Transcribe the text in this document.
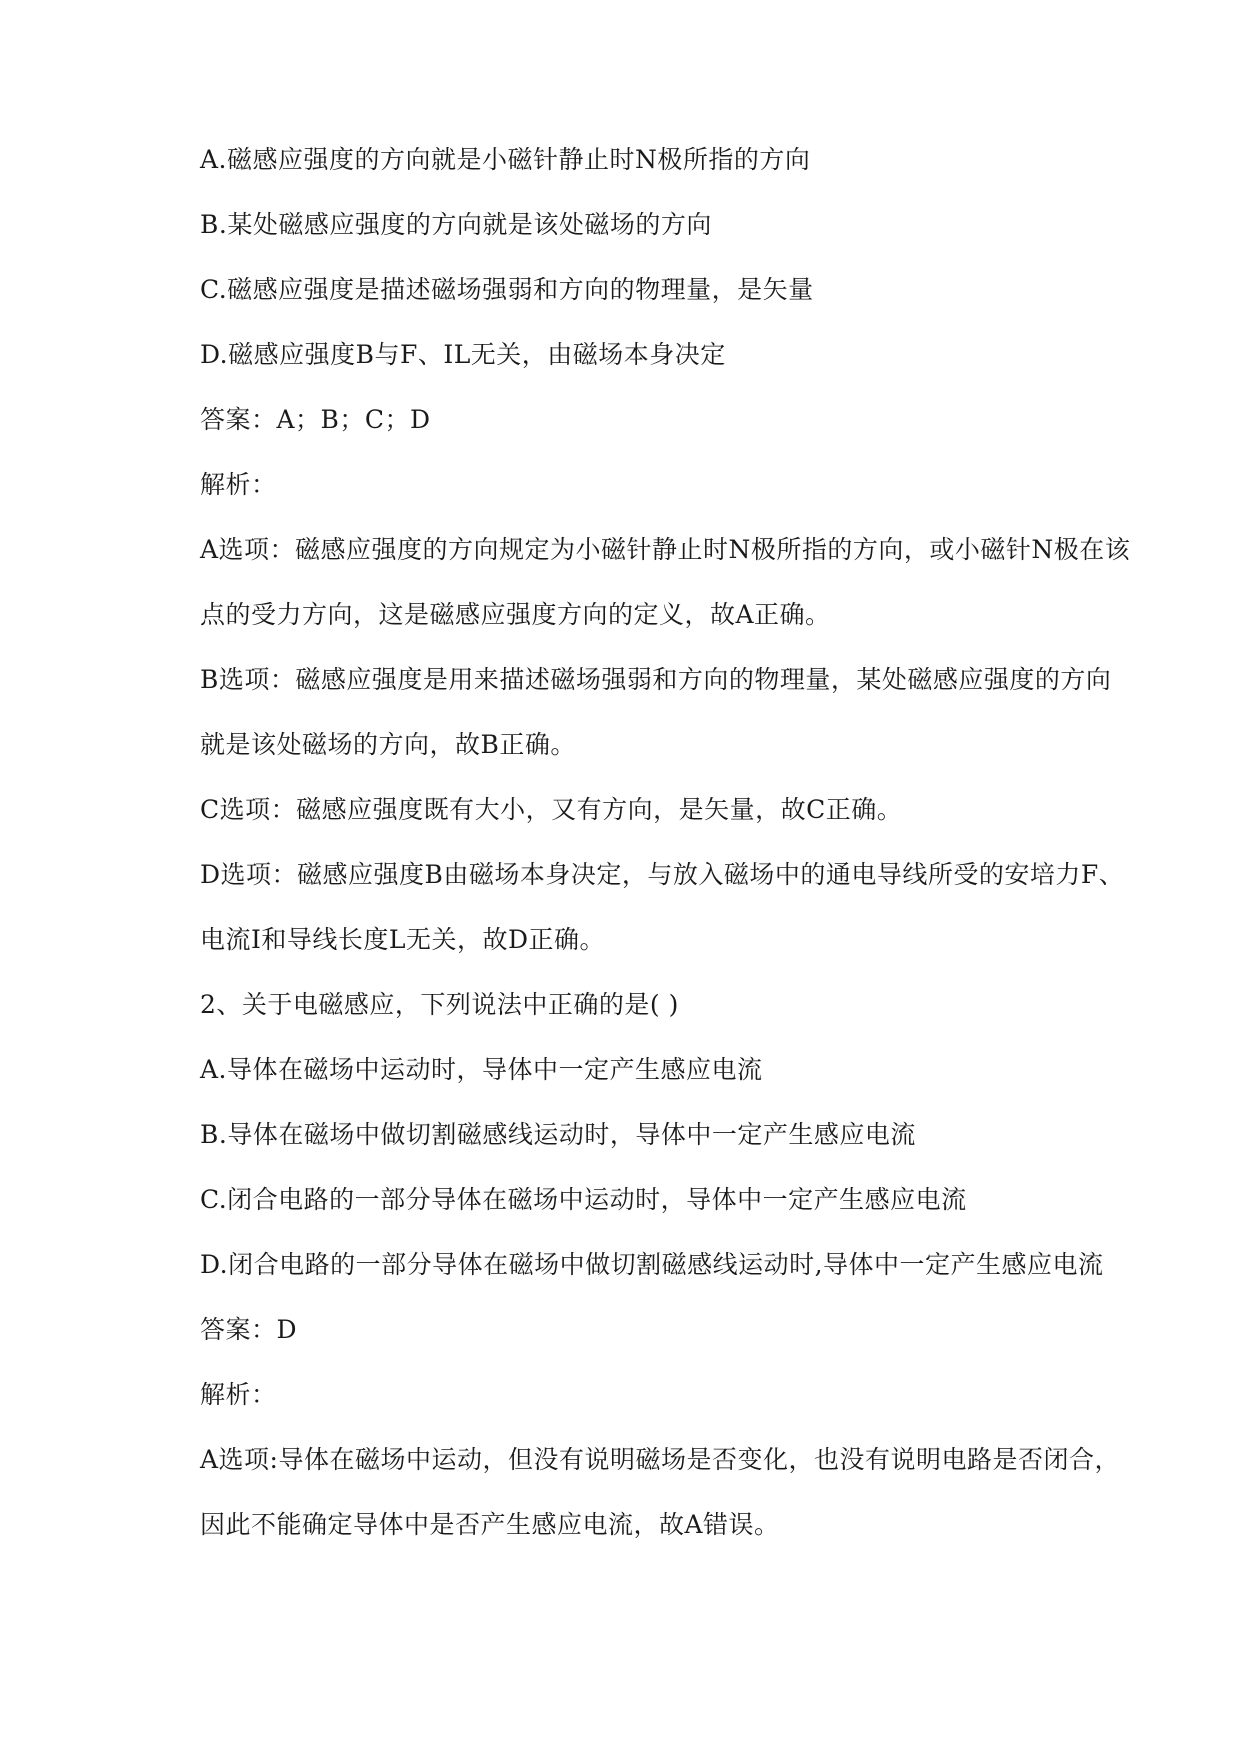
A.磁感应强度的方向就是小磁针静止时N极所指的方向
B.某处磁感应强度的方向就是该处磁场的方向
C.磁感应强度是描述磁场强弱和方向的物理量，是矢量
D.磁感应强度B与F、IL无关，由磁场本身决定
答案：A；B；C；D
解析：
A选项：磁感应强度的方向规定为小磁针静止时N极所指的方向，或小磁针N极在该
点的受力方向，这是磁感应强度方向的定义，故A正确。
B选项：磁感应强度是用来描述磁场强弱和方向的物理量，某处磁感应强度的方向
就是该处磁场的方向，故B正确。
C选项：磁感应强度既有大小，又有方向，是矢量，故C正确。
D选项：磁感应强度B由磁场本身决定，与放入磁场中的通电导线所受的安培力F、
电流I和导线长度L无关，故D正确。
2、关于电磁感应，下列说法中正确的是( )
A.导体在磁场中运动时，导体中一定产生感应电流
B.导体在磁场中做切割磁感线运动时，导体中一定产生感应电流
C.闭合电路的一部分导体在磁场中运动时，导体中一定产生感应电流
D.闭合电路的一部分导体在磁场中做切割磁感线运动时,导体中一定产生感应电流
答案：D
解析：
A选项:导体在磁场中运动，但没有说明磁场是否变化，也没有说明电路是否闭合，
因此不能确定导体中是否产生感应电流，故A错误。
